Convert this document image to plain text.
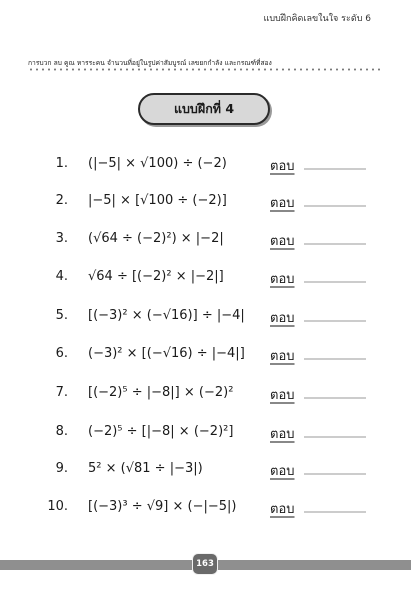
แบบฝึกคิดเลขในใจ ระดับ 6
การบวก ลบ คูณ หารระคน จำนวนที่อยู่ในรูปค่าสัมบูรณ์ เลขยกกำลัง และกรณฑ์ที่สอง
แบบฝึกที่ 4
1. (|−5| × √100) ÷ (−2)	ตอบ
2. |−5| × [√100 ÷ (−2)]	ตอบ
3. (√64 ÷ (−2)²) × |−2|	ตอบ
4. √64 ÷ [(−2)² × |−2|]	ตอบ
5. [(−3)² × (−√16)] ÷ |−4| ตอบ
6. (−3)² × [(−√16) ÷ |−4|] ตอบ
7. [(−2)⁵ ÷ |−8|] × (−2)²	ตอบ
8. (−2)⁵ ÷ [|−8| × (−2)²]	ตอบ
9. 5² × (√81 ÷ |−3|)	ตอบ
10. [(−3)³ ÷ √9] × (−|−5|)	ตอบ
163
